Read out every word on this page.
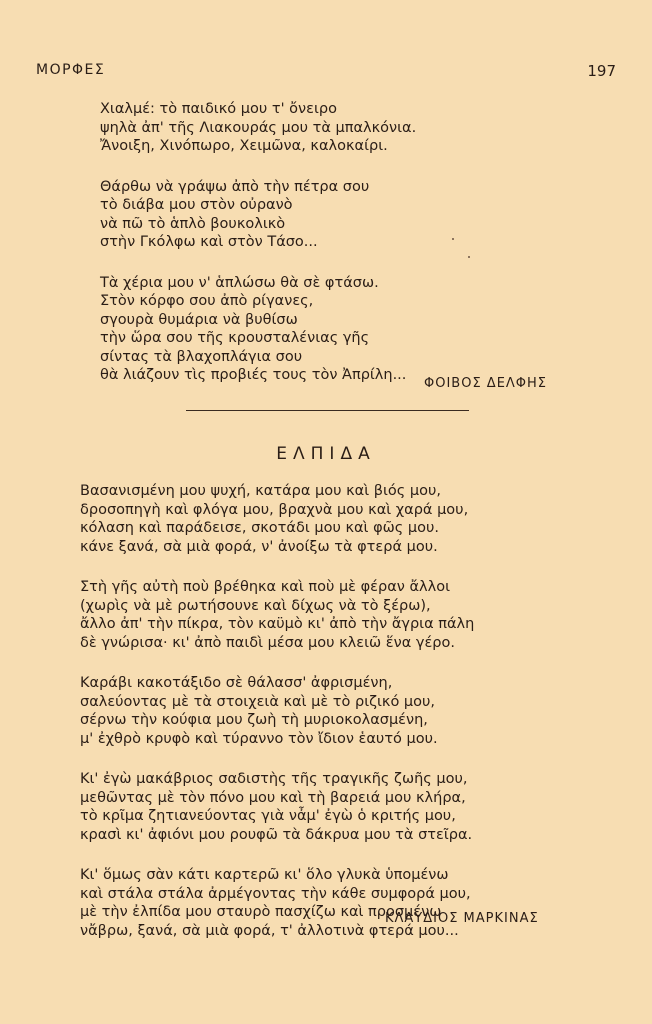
ΜΟΡΦΕΣ	197
Χιαλμέ: τὸ παιδικό μου τ' ὄνειρο
ψηλὰ ἀπ' τῆς Λιακουράς μου τὰ μπαλκόνια.
Ἄνοιξη, Χινόπωρο, Χειμῶνα, καλοκαίρι.
Θάρθω νὰ γράψω ἀπὸ τὴν πέτρα σου
τὸ διάβα μου στὸν οὐρανὸ
νὰ πῶ τὸ ἁπλὸ βουκολικὸ
στὴν Γκόλφω καὶ στὸν Τάσο...
Τὰ χέρια μου ν' ἁπλώσω θὰ σὲ φτάσω.
Στὸν κόρφο σου ἀπὸ ρίγανες,
σγουρὰ θυμάρια νὰ βυθίσω
τὴν ὥρα σου τῆς κρουσταλένιας γῆς
σίντας τὰ βλαχοπλάγια σου
θὰ λιάζουν τὶς προβιές τους τὸν Ἀπρίλη...
ΦΟΙΒΟΣ ΔΕΛΦΗΣ
ΕΛΠΙΔΑ
Βασανισμένη μου ψυχή, κατάρα μου καὶ βιός μου,
δροσοπηγὴ καὶ φλόγα μου, βραχνὰ μου καὶ χαρά μου,
κόλαση καὶ παράδεισε, σκοτάδι μου καὶ φῶς μου.
κάνε ξανά, σὰ μιὰ φορά, ν' ἀνοίξω τὰ φτερά μου.
Στὴ γῆς αὐτὴ ποὺ βρέθηκα καὶ ποὺ μὲ φέραν ἄλλοι
(χωρὶς νὰ μὲ ρωτήσουνε καὶ δίχως νὰ τὸ ξέρω),
ἄλλο ἀπ' τὴν πίκρα, τὸν καϋμὸ κι' ἀπὸ τὴν ἄγρια πάλη
δὲ γνώρισα· κι' ἀπὸ παιδὶ μέσα μου κλειῶ ἕνα γέρο.
Καράβι κακοτάξιδο σὲ θάλασσ' ἀφρισμένη,
σαλεύοντας μὲ τὰ στοιχειὰ καὶ μὲ τὸ ριζικό μου,
σέρνω τὴν κούφια μου ζωὴ τὴ μυριοκολασμένη,
μ' ἐχθρὸ κρυφὸ καὶ τύραννο τὸν ἴδιον ἑαυτό μου.
Κι' ἐγὼ μακάβριος σαδιστὴς τῆς τραγικῆς ζωῆς μου,
μεθῶντας μὲ τὸν πόνο μου καὶ τὴ βαρειά μου κλήρα,
τὸ κρῖμα ζητιανεύοντας γιὰ νἆμ' ἐγὼ ὁ κριτής μου,
κρασὶ κι' ἀφιόνι μου ρουφῶ τὰ δάκρυα μου τὰ στεῖρα.
Κι' ὅμως σὰν κάτι καρτερῶ κι' ὅλο γλυκὰ ὑπομένω
καὶ στάλα στάλα ἀρμέγοντας τὴν κάθε συμφορά μου,
μὲ τὴν ἐλπίδα μου σταυρὸ πασχίζω καὶ προσμένω
νἄβρω, ξανά, σὰ μιὰ φορά, τ' ἀλλοτινὰ φτερά μου...
ΚΛΑΥΔΙΟΣ ΜΑΡΚΙΝΑΣ
